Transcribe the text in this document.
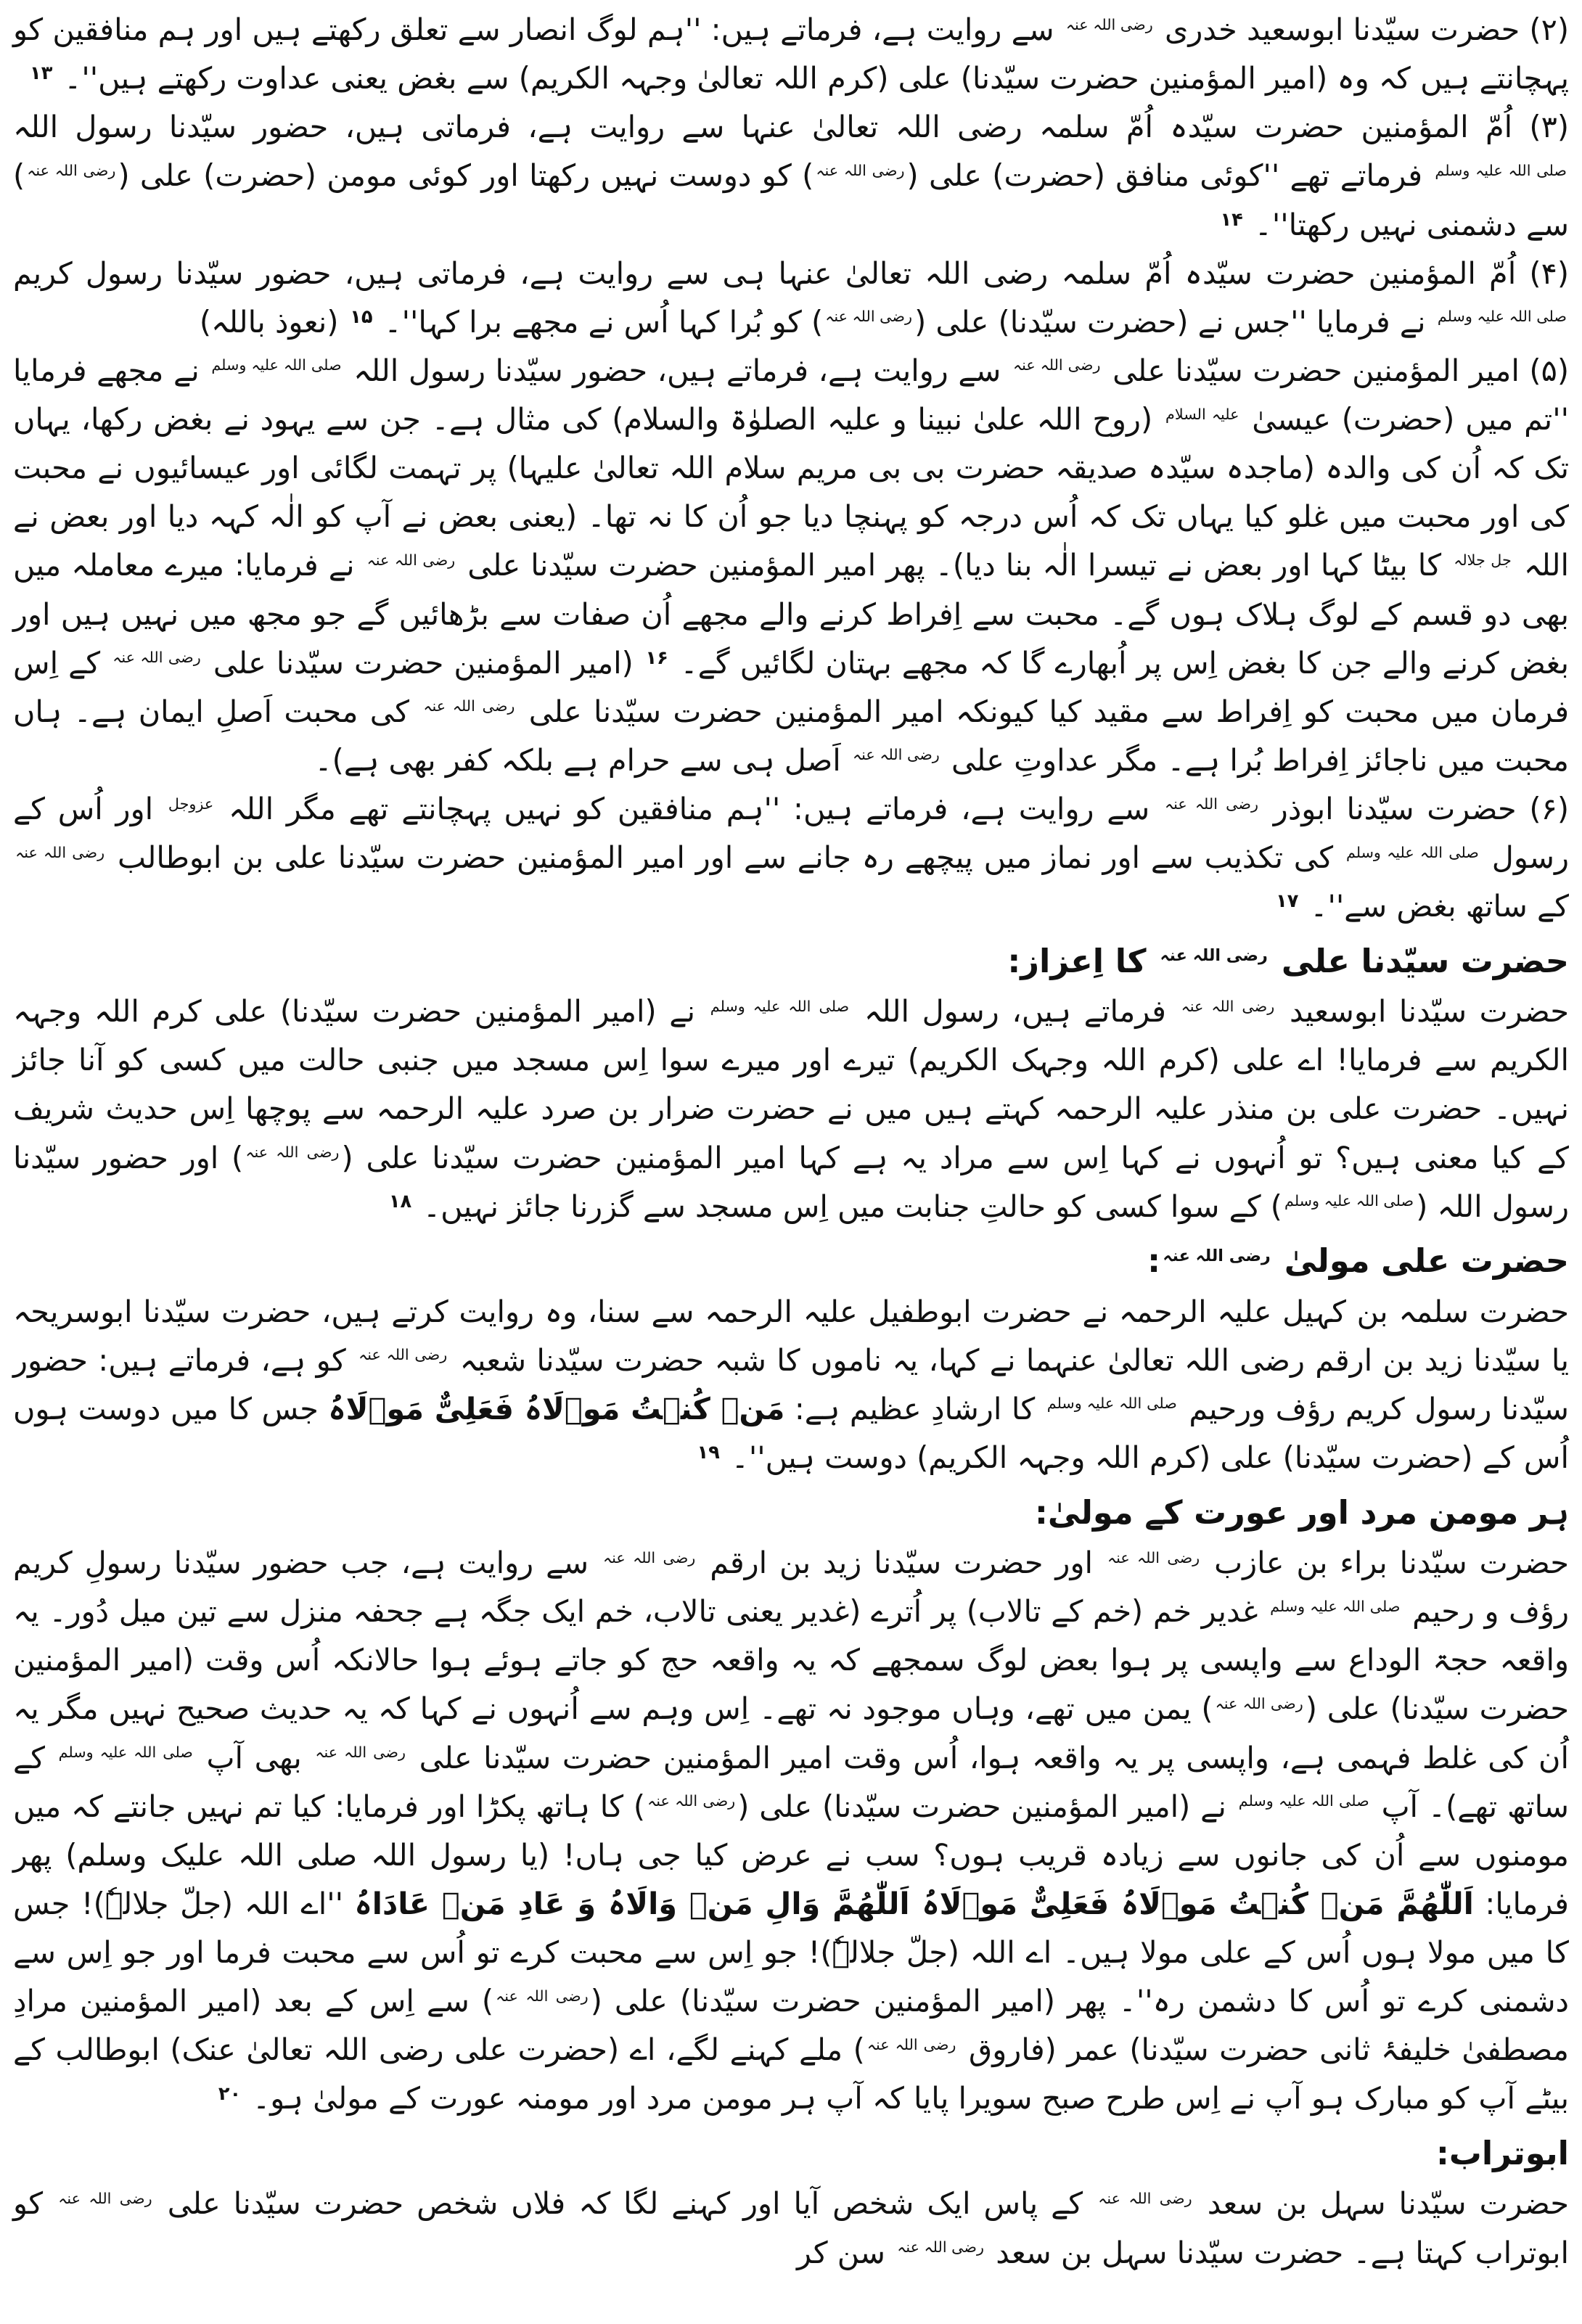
(۲) حضرت سیّدنا ابوسعید خدری $^{رضی اللہ عنہ}$ سے روایت ہے، فرماتے ہیں: ''ہم لوگ انصار سے تعلق رکھتے ہیں اور ہم منافقین کو پہچانتے ہیں کہ وہ (امیر المؤمنین حضرت سیّدنا) علی (کرم اللہ تعالیٰ وجہہ الکریم) سے بغض یعنی عداوت رکھتے ہیں''۔ $^{۱۳}$

(۳) اُمّ المؤمنین حضرت سیّدہ اُمّ سلمہ رضی اللہ تعالیٰ عنہا سے روایت ہے، فرماتی ہیں، حضور سیّدنا رسول اللہ $^{صلی اللہ علیہ وسلم}$ فرماتے تھے ''کوئی منافق (حضرت) علی ($^{رضی اللہ عنہ}$) کو دوست نہیں رکھتا اور کوئی مومن (حضرت) علی ($^{رضی اللہ عنہ}$) سے دشمنی نہیں رکھتا''۔ $^{۱۴}$

(۴) اُمّ المؤمنین حضرت سیّدہ اُمّ سلمہ رضی اللہ تعالیٰ عنہا ہی سے روایت ہے، فرماتی ہیں، حضور سیّدنا رسول کریم $^{صلی اللہ علیہ وسلم}$ نے فرمایا ''جس نے (حضرت سیّدنا) علی ($^{رضی اللہ عنہ}$) کو بُرا کہا اُس نے مجھے برا کہا''۔ $^{۱۵}$ (نعوذ باللہ)

(۵) امیر المؤمنین حضرت سیّدنا علی $^{رضی اللہ عنہ}$ سے روایت ہے، فرماتے ہیں، حضور سیّدنا رسول اللہ $^{صلی اللہ علیہ وسلم}$ نے مجھے فرمایا ''تم میں (حضرت) عیسیٰ $^{علیہ السلام}$ (روح اللہ علیٰ نبینا و علیہ الصلوٰۃ والسلام) کی مثال ہے۔ جن سے یہود نے بغض رکھا، یہاں تک کہ اُن کی والدہ (ماجدہ سیّدہ صدیقہ حضرت بی بی مریم سلام اللہ تعالیٰ علیہا) پر تہمت لگائی اور عیسائیوں نے محبت کی اور محبت میں غلو کیا یہاں تک کہ اُس درجہ کو پہنچا دیا جو اُن کا نہ تھا۔ (یعنی بعض نے آپ کو الٰہ کہہ دیا اور بعض نے اللہ $^{جل جلالہ}$ کا بیٹا کہا اور بعض نے تیسرا الٰہ بنا دیا)۔ پھر امیر المؤمنین حضرت سیّدنا علی $^{رضی اللہ عنہ}$ نے فرمایا: میرے معاملہ میں بھی دو قسم کے لوگ ہلاک ہوں گے۔ محبت سے اِفراط کرنے والے مجھے اُن صفات سے بڑھائیں گے جو مجھ میں نہیں ہیں اور بغض کرنے والے جن کا بغض اِس پر اُبھارے گا کہ مجھے بہتان لگائیں گے۔ $^{۱۶}$ (امیر المؤمنین حضرت سیّدنا علی $^{رضی اللہ عنہ}$ کے اِس فرمان میں محبت کو اِفراط سے مقید کیا کیونکہ امیر المؤمنین حضرت سیّدنا علی $^{رضی اللہ عنہ}$ کی محبت اَصلِ ایمان ہے۔ ہاں محبت میں ناجائز اِفراط بُرا ہے۔ مگر عداوتِ علی $^{رضی اللہ عنہ}$ اَصل ہی سے حرام ہے بلکہ کفر بھی ہے)۔

(۶) حضرت سیّدنا ابوذر $^{رضی اللہ عنہ}$ سے روایت ہے، فرماتے ہیں: ''ہم منافقین کو نہیں پہچانتے تھے مگر اللہ $^{عزوجل}$ اور اُس کے رسول $^{صلی اللہ علیہ وسلم}$ کی تکذیب سے اور نماز میں پیچھے رہ جانے سے اور امیر المؤمنین حضرت سیّدنا علی بن ابوطالب $^{رضی اللہ عنہ}$ کے ساتھ بغض سے''۔ $^{۱۷}$

حضرت سیّدنا علی $^{رضی اللہ عنہ}$ کا اِعزاز:

حضرت سیّدنا ابوسعید $^{رضی اللہ عنہ}$ فرماتے ہیں، رسول اللہ $^{صلی اللہ علیہ وسلم}$ نے (امیر المؤمنین حضرت سیّدنا) علی کرم اللہ وجہہ الکریم سے فرمایا! اے علی (کرم اللہ وجہک الکریم) تیرے اور میرے سوا اِس مسجد میں جنبی حالت میں کسی کو آنا جائز نہیں۔ حضرت علی بن منذر علیہ الرحمہ کہتے ہیں میں نے حضرت ضرار بن صرد علیہ الرحمہ سے پوچھا اِس حدیث شریف کے کیا معنی ہیں؟ تو اُنہوں نے کہا اِس سے مراد یہ ہے کہا امیر المؤمنین حضرت سیّدنا علی ($^{رضی اللہ عنہ}$) اور حضور سیّدنا رسول اللہ ($^{صلی اللہ علیہ وسلم}$) کے سوا کسی کو حالتِ جنابت میں اِس مسجد سے گزرنا جائز نہیں۔ $^{۱۸}$

حضرت علی مولیٰ $^{رضی اللہ عنہ}$:

حضرت سلمہ بن کہیل علیہ الرحمہ نے حضرت ابوطفیل علیہ الرحمہ سے سنا، وہ روایت کرتے ہیں، حضرت سیّدنا ابوسریحہ یا سیّدنا زید بن ارقم رضی اللہ تعالیٰ عنہما نے کہا، یہ ناموں کا شبہ حضرت سیّدنا شعبہ $^{رضی اللہ عنہ}$ کو ہے، فرماتے ہیں: حضور سیّدنا رسول کریم رؤف ورحیم $^{صلی اللہ علیہ وسلم}$ کا ارشادِ عظیم ہے: مَنۡ کُنۡتُ مَوۡلَاہُ فَعَلِیٌّ مَوۡلَاہُ جس کا میں دوست ہوں اُس کے (حضرت سیّدنا) علی (کرم اللہ وجہہ الکریم) دوست ہیں''۔ $^{۱۹}$

ہر مومن مرد اور عورت کے مولیٰ:

حضرت سیّدنا براء بن عازب $^{رضی اللہ عنہ}$ اور حضرت سیّدنا زید بن ارقم $^{رضی اللہ عنہ}$ سے روایت ہے، جب حضور سیّدنا رسولِ کریم رؤف و رحیم $^{صلی اللہ علیہ وسلم}$ غدیر خم (خم کے تالاب) پر اُترے (غدیر یعنی تالاب، خم ایک جگہ ہے جحفہ منزل سے تین میل دُور۔ یہ واقعہ حجۃ الوداع سے واپسی پر ہوا بعض لوگ سمجھے کہ یہ واقعہ حج کو جاتے ہوئے ہوا حالانکہ اُس وقت (امیر المؤمنین حضرت سیّدنا) علی ($^{رضی اللہ عنہ}$) یمن میں تھے، وہاں موجود نہ تھے۔ اِس وہم سے اُنہوں نے کہا کہ یہ حدیث صحیح نہیں مگر یہ اُن کی غلط فہمی ہے، واپسی پر یہ واقعہ ہوا، اُس وقت امیر المؤمنین حضرت سیّدنا علی $^{رضی اللہ عنہ}$ بھی آپ $^{صلی اللہ علیہ وسلم}$ کے ساتھ تھے)۔ آپ $^{صلی اللہ علیہ وسلم}$ نے (امیر المؤمنین حضرت سیّدنا) علی ($^{رضی اللہ عنہ}$) کا ہاتھ پکڑا اور فرمایا: کیا تم نہیں جانتے کہ میں مومنوں سے اُن کی جانوں سے زیادہ قریب ہوں؟ سب نے عرض کیا جی ہاں! (یا رسول اللہ صلی اللہ علیک وسلم) پھر فرمایا: اَللّٰھُمَّ مَنۡ کُنۡتُ مَوۡلَاہُ فَعَلِیٌّ مَوۡلَاہُ اَللّٰھُمَّ وَالِ مَنۡ وَالَاہُ وَ عَادِ مَنۡ عَادَاہُ ''اے اللہ (جلّ جلالہٗ)! جس کا میں مولا ہوں اُس کے علی مولا ہیں۔ اے اللہ (جلّ جلالہٗ)! جو اِس سے محبت کرے تو اُس سے محبت فرما اور جو اِس سے دشمنی کرے تو اُس کا دشمن رہ''۔ پھر (امیر المؤمنین حضرت سیّدنا) علی ($^{رضی اللہ عنہ}$) سے اِس کے بعد (امیر المؤمنین مرادِ مصطفیٰ خلیفۂ ثانی حضرت سیّدنا) عمر (فاروق $^{رضی اللہ عنہ}$) ملے کہنے لگے، اے (حضرت علی رضی اللہ تعالیٰ عنک) ابوطالب کے بیٹے آپ کو مبارک ہو آپ نے اِس طرح صبح سویرا پایا کہ آپ ہر مومن مرد اور مومنہ عورت کے مولیٰ ہو۔ $^{۲۰}$

ابوتراب:

حضرت سیّدنا سہل بن سعد $^{رضی اللہ عنہ}$ کے پاس ایک شخص آیا اور کہنے لگا کہ فلاں شخص حضرت سیّدنا علی $^{رضی اللہ عنہ}$ کو ابوتراب کہتا ہے۔ حضرت سیّدنا سہل بن سعد $^{رضی اللہ عنہ}$ سن کر
